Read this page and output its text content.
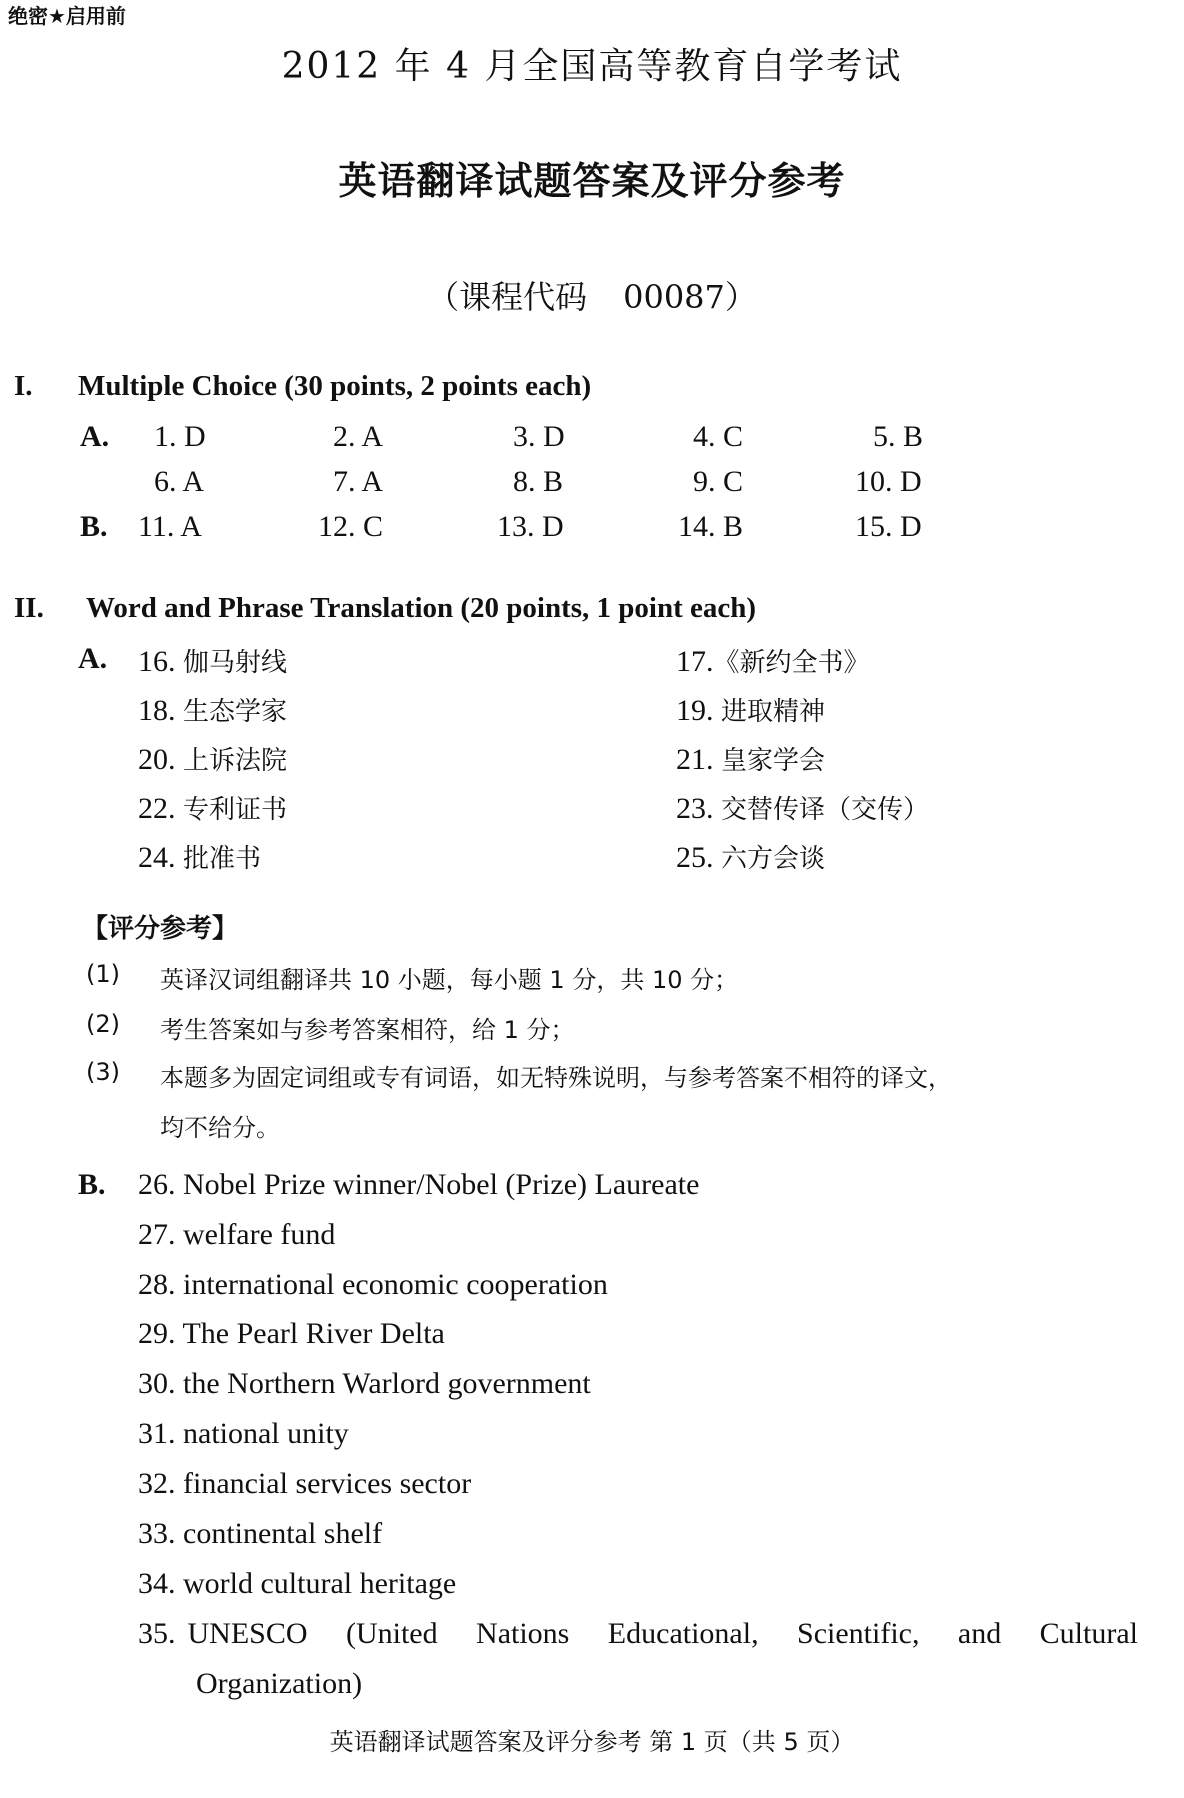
绝密★启用前
2012 年 4 月全国高等教育自学考试
英语翻译试题答案及评分参考
（课程代码 00087）
I. Multiple Choice (30 points, 2 points each)
A.
B.
1. D	2. A	3. D	4. C	5. B
6. A	7. A	8. B	9. C	10. D
11. A	12. C	13. D	14. B	15. D
II. Word and Phrase Translation (20 points, 1 point each)
A. 16. 伽马射线	17.《新约全书》
18. 生态学家	19. 进取精神
20. 上诉法院	21. 皇家学会
22. 专利证书	23. 交替传译（交传）
24. 批准书	25. 六方会谈
【评分参考】
(1) 英译汉词组翻译共 10 小题，每小题 1 分，共 10 分；
(2) 考生答案如与参考答案相符，给 1 分；
(3) 本题多为固定词组或专有词语，如无特殊说明，与参考答案不相符的译文，
均不给分。
B. 26. Nobel Prize winner/Nobel (Prize) Laureate
27. welfare fund
28. international economic cooperation
29. The Pearl River Delta
30. the Northern Warlord government
31. national unity
32. financial services sector
33. continental shelf
34. world cultural heritage
35. UNESCO (United Nations Educational, Scientific, and Cultural
Organization)
英语翻译试题答案及评分参考 第 1 页（共 5 页）
